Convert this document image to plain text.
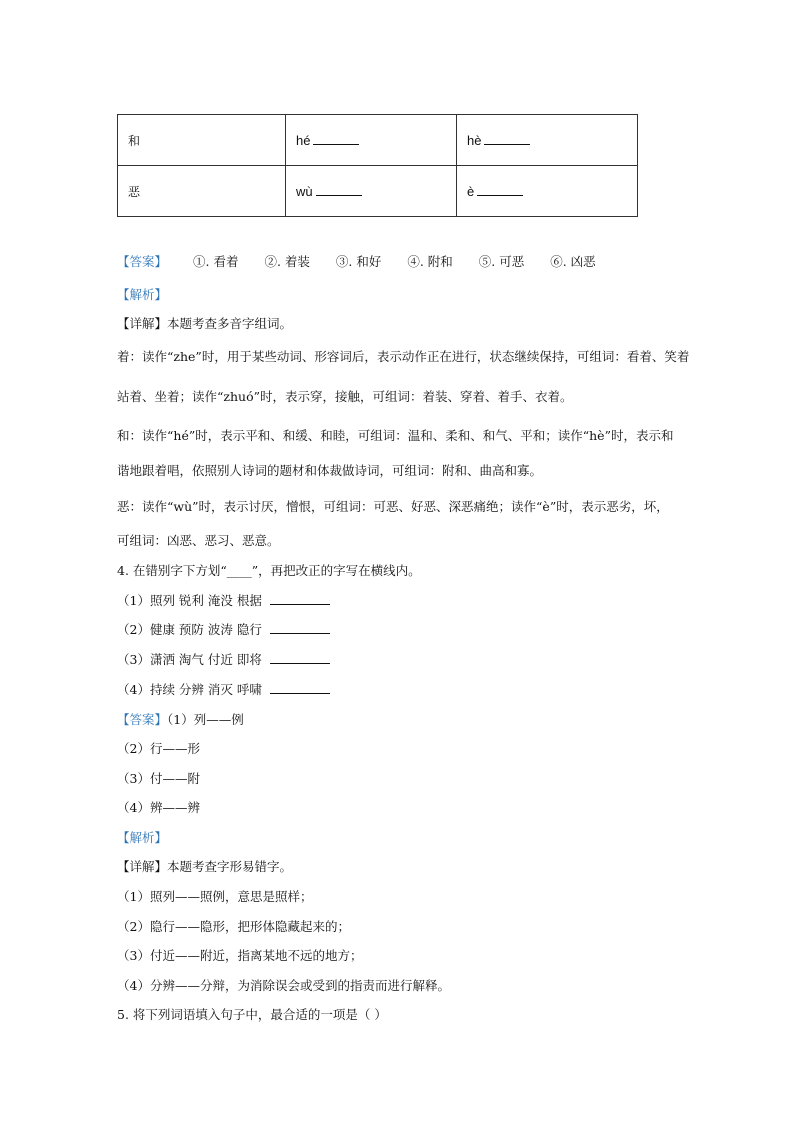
和	hé	hè
恶	wù	è
【答案】 ①. 看着 ②. 着装 ③. 和好 ④. 附和 ⑤. 可恶 ⑥. 凶恶
【解析】
【详解】本题考查多音字组词。
着：读作“zhe”时，用于某些动词、形容词后，表示动作正在进行，状态继续保持，可组词：看着、笑着
站着、坐着；读作“zhuó”时，表示穿，接触，可组词：着装、穿着、着手、衣着。
和：读作“hé”时，表示平和、和缓、和睦，可组词：温和、柔和、和气、平和；读作“hè”时，表示和
谐地跟着唱，依照别人诗词的题材和体裁做诗词，可组词：附和、曲高和寡。
恶：读作“wù”时，表示讨厌，憎恨，可组词：可恶、好恶、深恶痛绝；读作“è”时，表示恶劣，坏，
可组词：凶恶、恶习、恶意。
4. 在错别字下方划“____”，再把改正的字写在横线内。
（1）照列 锐利 淹没 根据
（2）健康 预防 波涛 隐行
（3）潇洒 淘气 付近 即将
（4）持续 分辨 消灭 呼啸
【答案】（1）列——例
（2）行——形
（3）付——附
（4）辨——辨
【解析】
【详解】本题考查字形易错字。
（1）照列——照例，意思是照样；
（2）隐行——隐形，把形体隐藏起来的；
（3）付近——附近，指离某地不远的地方；
（4）分辨——分辩，为消除误会或受到的指责而进行解释。
5. 将下列词语填入句子中，最合适的一项是（ ）
